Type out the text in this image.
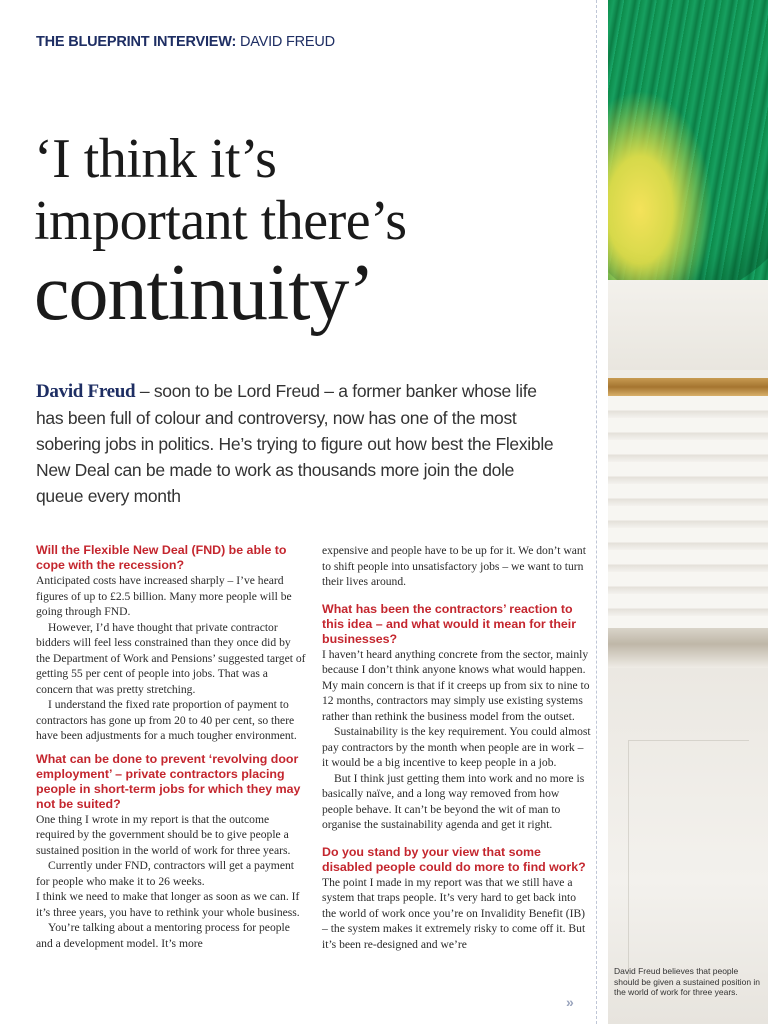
THE BLUEPRINT INTERVIEW: DAVID FREUD
‘I think it’s
important there’s
continuity’
David Freud – soon to be Lord Freud – a former banker whose life has been full of colour and controversy, now has one of the most sobering jobs in politics. He’s trying to figure out how best the Flexible New Deal can be made to work as thousands more join the dole queue every month
Will the Flexible New Deal (FND) be able to cope with the recession?

Anticipated costs have increased sharply – I’ve heard figures of up to £2.5 billion. Many more people will be going through FND.

However, I’d have thought that private contractor bidders will feel less constrained than they once did by the Department of Work and Pensions’ suggested target of getting 55 per cent of people into jobs. That was a concern that was pretty stretching.

I understand the fixed rate proportion of payment to contractors has gone up from 20 to 40 per cent, so there have been adjustments for a much tougher environment.

What can be done to prevent ‘revolving door employment’ – private contractors placing people in short-term jobs for which they may not be suited?

One thing I wrote in my report is that the outcome required by the government should be to give people a sustained position in the world of work for three years.

Currently under FND, contractors will get a payment for people who make it to 26 weeks.

I think we need to make that longer as soon as we can. If it’s three years, you have to rethink your whole business.

You’re talking about a mentoring process for people and a development model. It’s more

expensive and people have to be up for it. We don’t want to shift people into unsatisfactory jobs – we want to turn their lives around.

What has been the contractors’ reaction to this idea – and what would it mean for their businesses?

I haven’t heard anything concrete from the sector, mainly because I don’t think anyone knows what would happen. My main concern is that if it creeps up from six to nine to 12 months, contractors may simply use existing systems rather than rethink the business model from the outset.

Sustainability is the key requirement. You could almost pay contractors by the month when people are in work – it would be a big incentive to keep people in a job.

But I think just getting them into work and no more is basically naïve, and a long way removed from how people behave. It can’t be beyond the wit of man to organise the sustainability agenda and get it right.

Do you stand by your view that some disabled people could do more to find work?

The point I made in my report was that we still have a system that traps people. It’s very hard to get back into the world of work once you’re on Invalidity Benefit (IB) – the system makes it extremely risky to come off it. But it’s been re-designed and we’re

»
David Freud believes that people should be given a sustained position in the world of work for three years.
